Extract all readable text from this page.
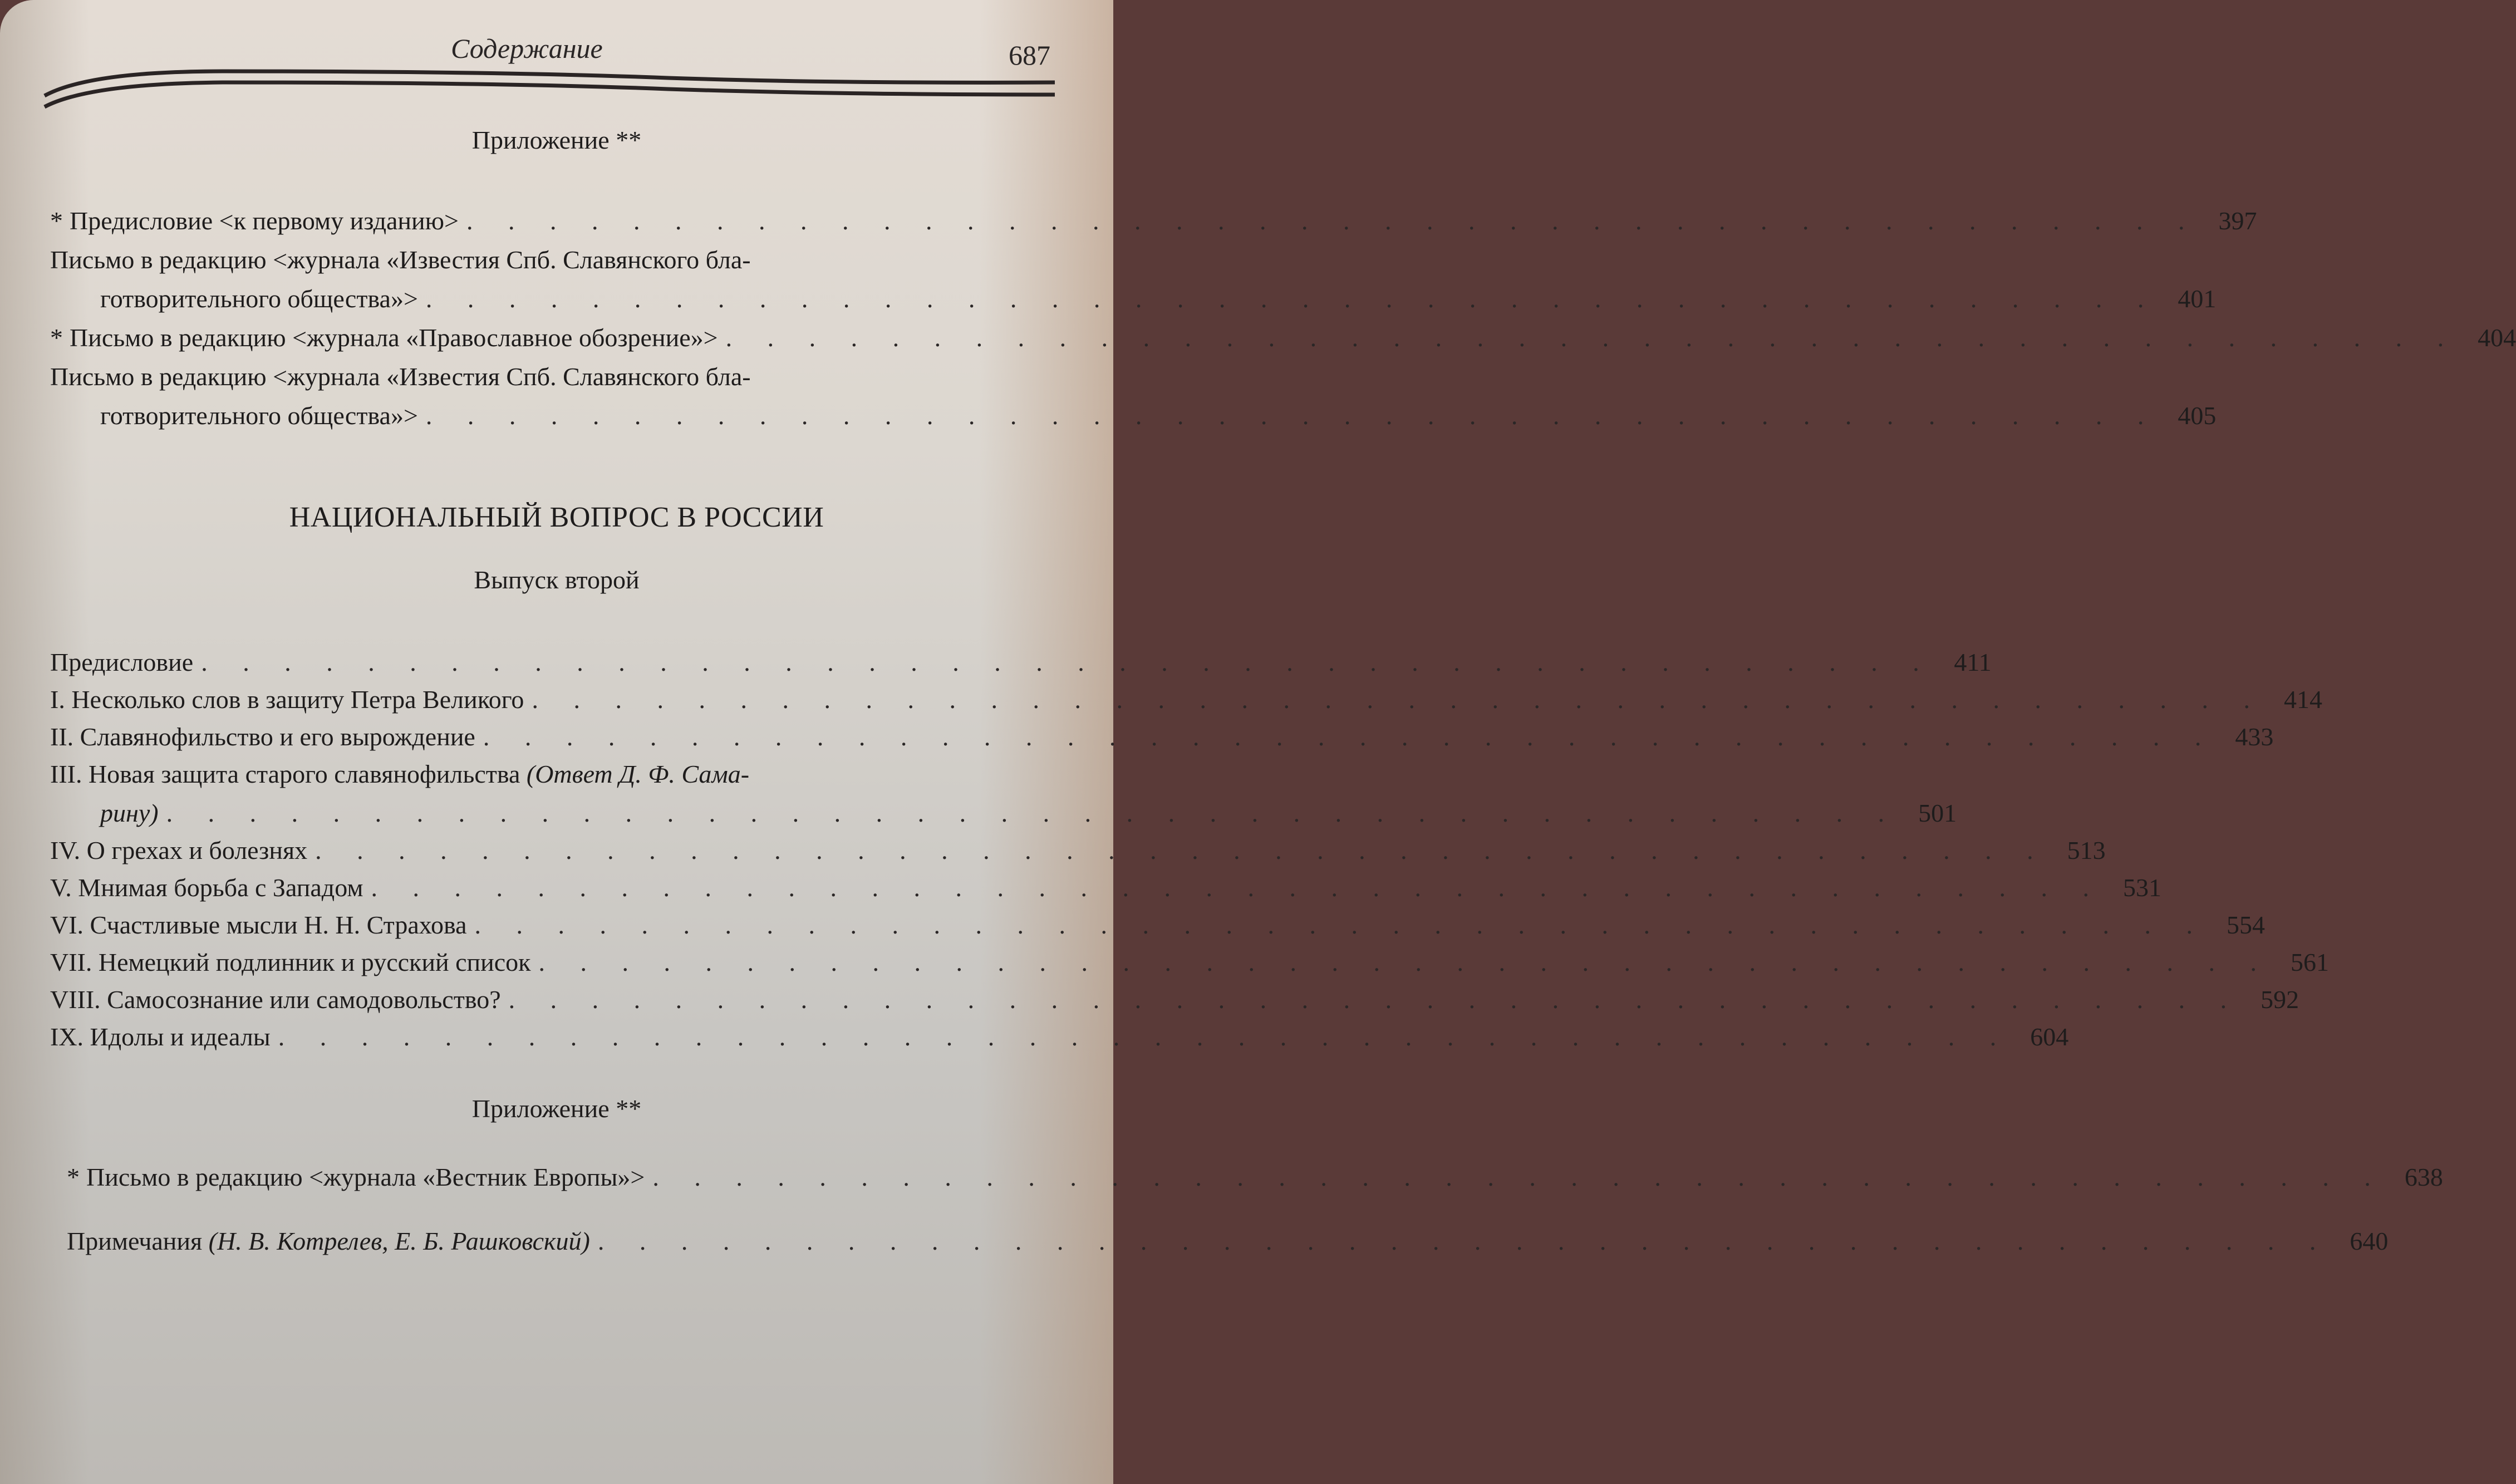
Содержание	687
Приложение **
* Предисловие <к первому изданию> . . . . . . . . . . . . . . . . . . . . . . . . . . . . . . . . . . . . . . . . . . 397
Письмо в редакцию <журнала «Известия Спб. Славянского бла-
готворительного общества»> . . . . . . . . . . . . . . . . . . . . . . . . . . . . . . . . . . . . . . . . . . 401
* Письмо в редакцию <журнала «Православное обозрение»> . . . . . . . . . . . . . . . . . . . . . . . . . . . . . . . . . . . . . . . . . . 404
Письмо в редакцию <журнала «Известия Спб. Славянского бла-
готворительного общества»> . . . . . . . . . . . . . . . . . . . . . . . . . . . . . . . . . . . . . . . . . . 405
НАЦИОНАЛЬНЫЙ ВОПРОС В РОССИИ
Выпуск второй
Предисловие . . . . . . . . . . . . . . . . . . . . . . . . . . . . . . . . . . . . . . . . . . 411
I. Несколько слов в защиту Петра Великого . . . . . . . . . . . . . . . . . . . . . . . . . . . . . . . . . . . . . . . . . . 414
II. Славянофильство и его вырождение . . . . . . . . . . . . . . . . . . . . . . . . . . . . . . . . . . . . . . . . . . 433
III. Новая защита старого славянофильства (Ответ Д. Ф. Сама-
рину) . . . . . . . . . . . . . . . . . . . . . . . . . . . . . . . . . . . . . . . . . . 501
IV. О грехах и болезнях . . . . . . . . . . . . . . . . . . . . . . . . . . . . . . . . . . . . . . . . . . 513
V. Мнимая борьба с Западом . . . . . . . . . . . . . . . . . . . . . . . . . . . . . . . . . . . . . . . . . . 531
VI. Счастливые мысли Н. Н. Страхова . . . . . . . . . . . . . . . . . . . . . . . . . . . . . . . . . . . . . . . . . . 554
VII. Немецкий подлинник и русский список . . . . . . . . . . . . . . . . . . . . . . . . . . . . . . . . . . . . . . . . . . 561
VIII. Самосознание или самодовольство? . . . . . . . . . . . . . . . . . . . . . . . . . . . . . . . . . . . . . . . . . . 592
IX. Идолы и идеалы . . . . . . . . . . . . . . . . . . . . . . . . . . . . . . . . . . . . . . . . . . 604
Приложение **
* Письмо в редакцию <журнала «Вестник Европы»> . . . . . . . . . . . . . . . . . . . . . . . . . . . . . . . . . . . . . . . . . . 638
Примечания (Н. В. Котрелев, Е. Б. Рашковский) . . . . . . . . . . . . . . . . . . . . . . . . . . . . . . . . . . . . . . . . . . 640
